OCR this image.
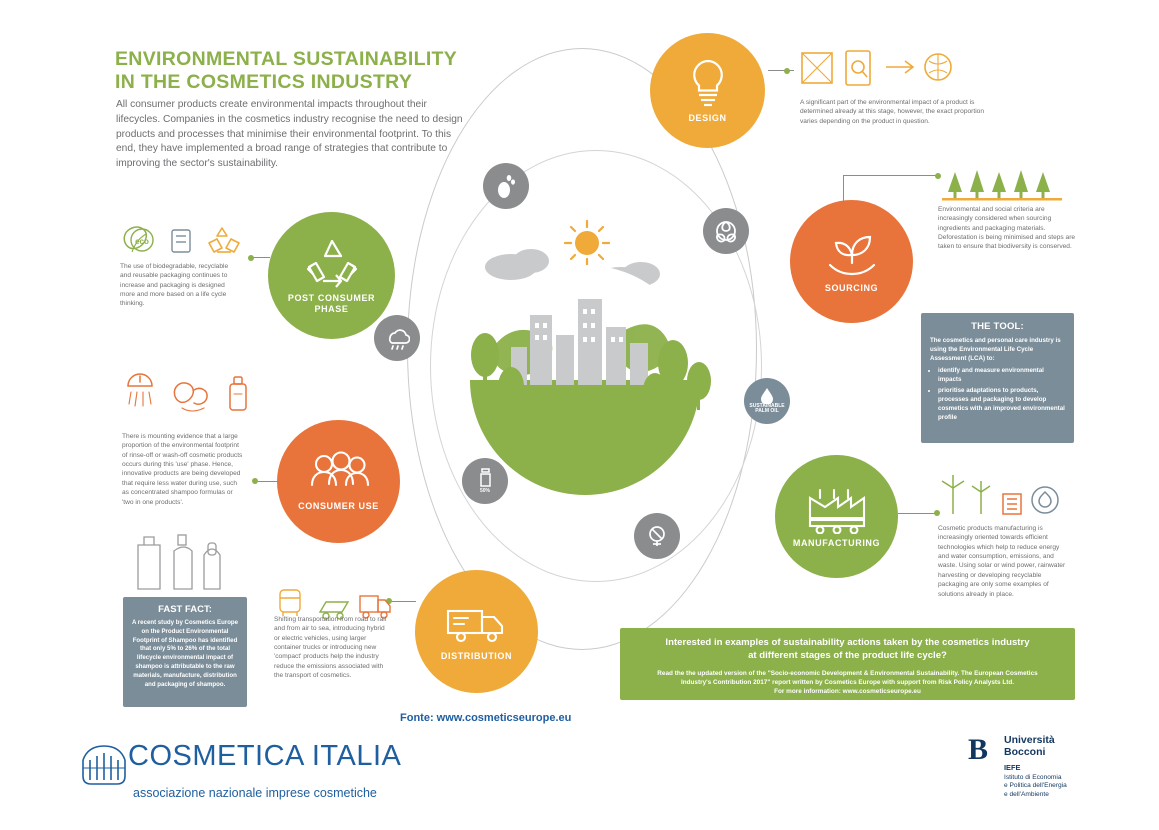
ENVIRONMENTAL SUSTAINABILITY
IN THE COSMETICS INDUSTRY
All consumer products create environmental impacts throughout their lifecycles. Companies in the cosmetics industry recognise the need to design products and processes that minimise their environmental footprint. To this end, they have implemented a broad range of strategies that contribute to improving the sector's sustainability.
DESIGN
SOURCING
MANUFACTURING
DISTRIBUTION
CONSUMER USE
POST CONSUMER
PHASE
SUSTAINABLE
PALM OIL
50%
A significant part of the environmental impact of a product is determined already at this stage, however, the exact proportion varies depending on the product in question.
Environmental and social criteria are increasingly considered when sourcing ingredients and packaging materials. Deforestation is being minimised and steps are taken to ensure that biodiversity is conserved.
THE TOOL:
The cosmetics and personal care industry is using the Environmental Life Cycle Assessment (LCA) to:
• identify and measure environmental impacts
• prioritise adaptations to products, processes and packaging to develop cosmetics with an improved environmental profile
Cosmetic products manufacturing is increasingly oriented towards efficient technologies which help to reduce energy and water consumption, emissions, and waste. Using solar or wind power, rainwater harvesting or developing recyclable packaging are only some examples of solutions already in place.
eco
The use of biodegradable, recyclable and reusable packaging continues to increase and packaging is designed more and more based on a life cycle thinking.
There is mounting evidence that a large proportion of the environmental footprint of rinse-off or wash-off cosmetic products occurs during this 'use' phase. Hence, innovative products are being developed that require less water during use, such as concentrated shampoo formulas or 'two in one products'.
FAST FACT:
A recent study by Cosmetics Europe on the Product Environmental Footprint of Shampoo has identified that only 5% to 26% of the total lifecycle environmental impact of shampoo is attributable to the raw materials, manufacture, distribution and packaging of shampoo.
Shifting transportation from road to rail and from air to sea, introducing hybrid or electric vehicles, using larger container trucks or introducing new 'compact' products help the industry reduce the emissions associated with the transport of cosmetics.
Interested in examples of sustainability actions taken by the cosmetics industry
at different stages of the product life cycle?
Read the the updated version of the "Socio-economic Development & Environmental Sustainability. The European Cosmetics
Industry's Contribution 2017" report written by Cosmetics Europe with support from Risk Policy Analysts Ltd.
For more information: www.cosmeticseurope.eu
Fonte: www.cosmeticseurope.eu
COSMETICA ITALIA
associazione nazionale imprese cosmetiche
B Università
Bocconi
IEFE
Istituto di Economia
e Politica dell'Energia
e dell'Ambiente
